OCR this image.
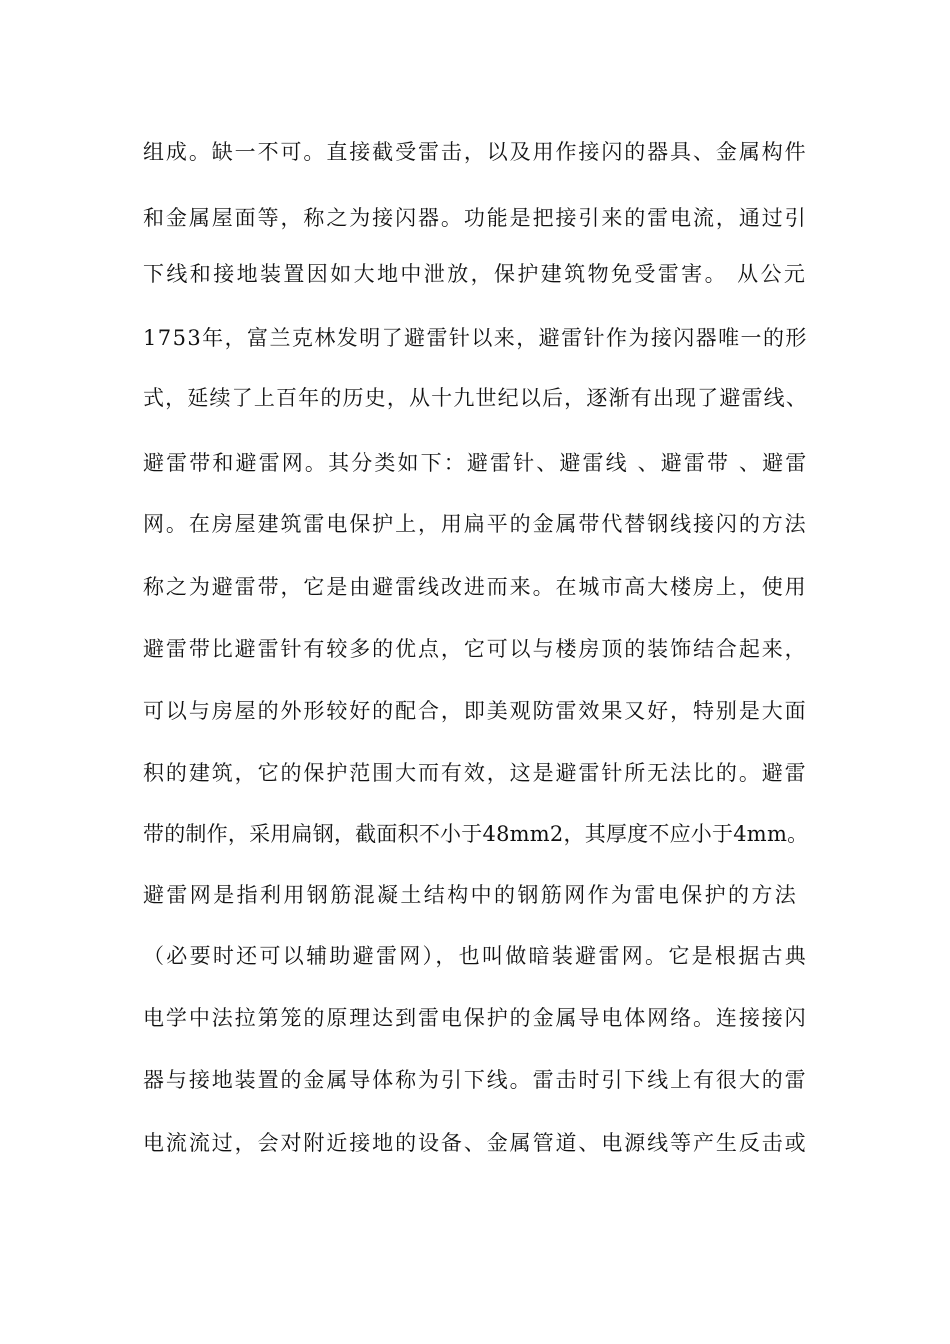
组成。缺一不可。直接截受雷击，以及用作接闪的器具、金属构件
和金属屋面等，称之为接闪器。功能是把接引来的雷电流，通过引
下线和接地装置因如大地中泄放，保护建筑物免受雷害。 从公元
1753年，富兰克林发明了避雷针以来，避雷针作为接闪器唯一的形
式，延续了上百年的历史，从十九世纪以后，逐渐有出现了避雷线、
避雷带和避雷网。其分类如下：避雷针、避雷线 、避雷带 、避雷
网。在房屋建筑雷电保护上，用扁平的金属带代替钢线接闪的方法
称之为避雷带，它是由避雷线改进而来。在城市高大楼房上，使用
避雷带比避雷针有较多的优点，它可以与楼房顶的装饰结合起来，
可以与房屋的外形较好的配合，即美观防雷效果又好，特别是大面
积的建筑，它的保护范围大而有效，这是避雷针所无法比的。避雷
带的制作，采用扁钢，截面积不小于48mm2，其厚度不应小于4mm。
避雷网是指利用钢筋混凝土结构中的钢筋网作为雷电保护的方法
（必要时还可以辅助避雷网），也叫做暗装避雷网。它是根据古典
电学中法拉第笼的原理达到雷电保护的金属导电体网络。连接接闪
器与接地装置的金属导体称为引下线。雷击时引下线上有很大的雷
电流流过，会对附近接地的设备、金属管道、电源线等产生反击或
